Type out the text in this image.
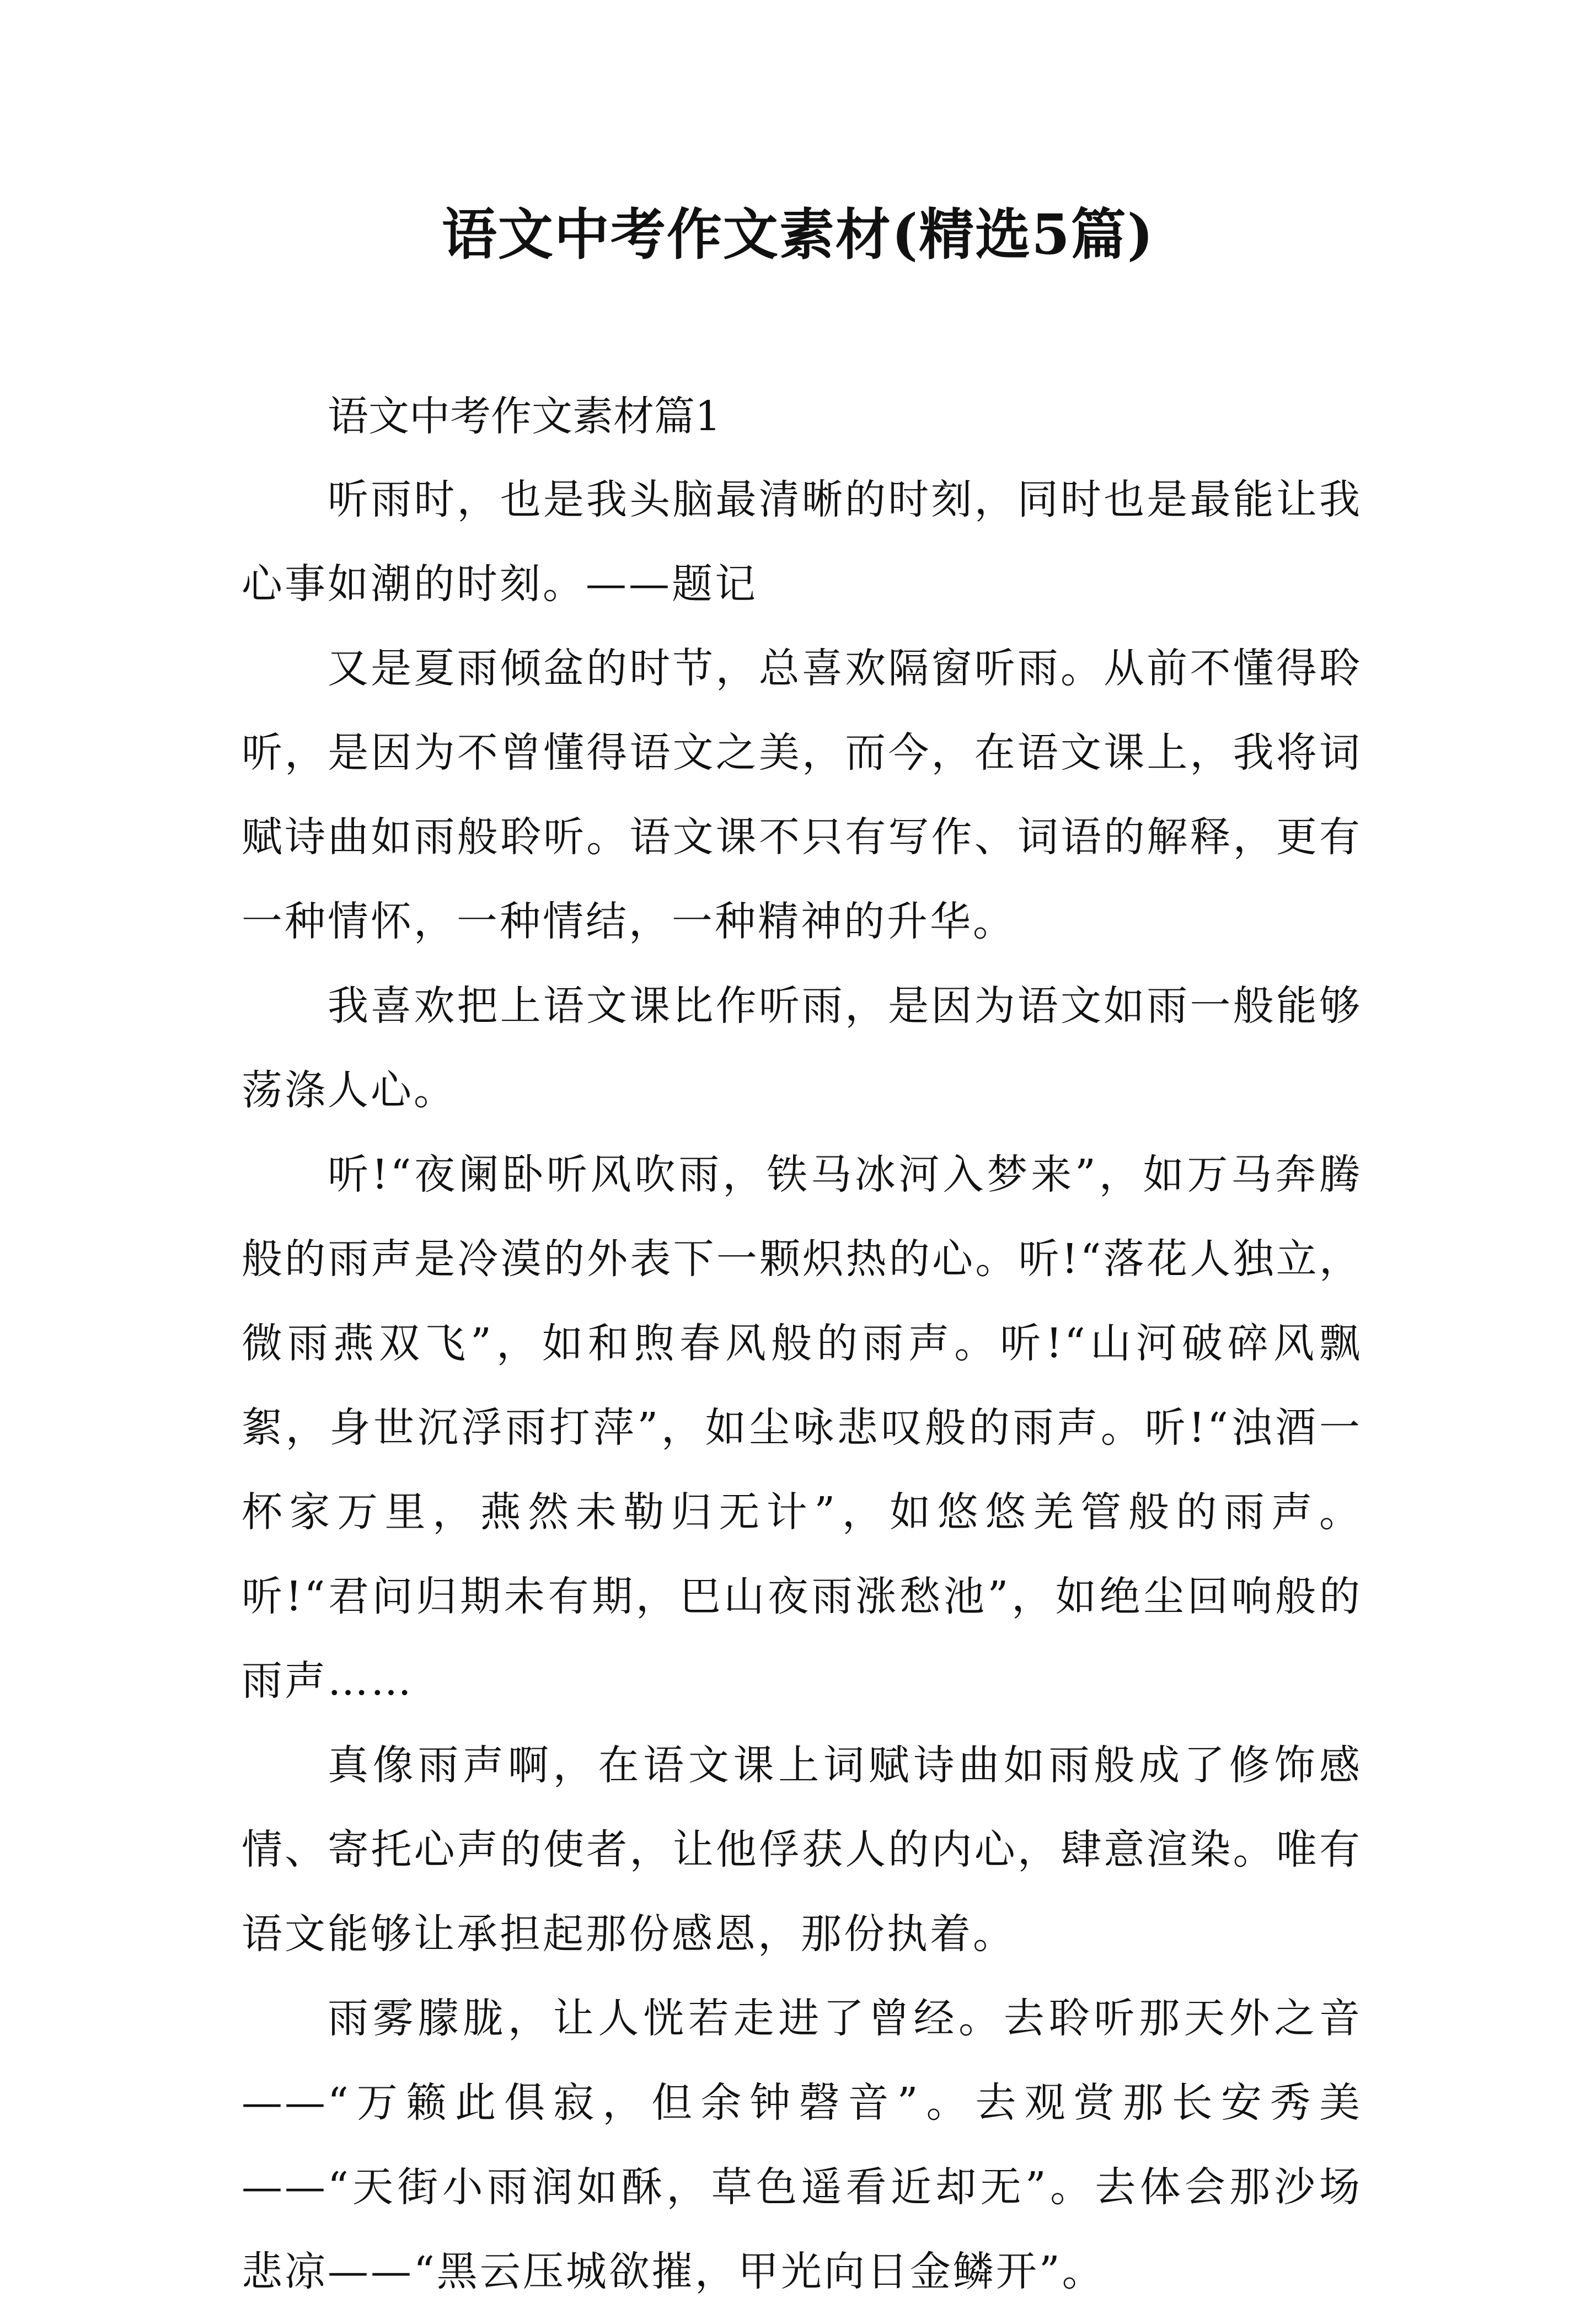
语文中考作文素材(精选5篇)
语文中考作文素材篇1

听雨时，也是我头脑最清晰的时刻，同时也是最能让我心事如潮的时刻。——题记

又是夏雨倾盆的时节，总喜欢隔窗听雨。从前不懂得聆听，是因为不曾懂得语文之美，而今，在语文课上，我将词赋诗曲如雨般聆听。语文课不只有写作、词语的解释，更有一种情怀，一种情结，一种精神的升华。

我喜欢把上语文课比作听雨，是因为语文如雨一般能够荡涤人心。

听!“夜阑卧听风吹雨，铁马冰河入梦来”，如万马奔腾般的雨声是冷漠的外表下一颗炽热的心。听!“落花人独立，微雨燕双飞”，如和煦春风般的雨声。听!“山河破碎风飘絮，身世沉浮雨打萍”，如尘咏悲叹般的雨声。听!“浊酒一杯家万里，燕然未勒归无计”，如悠悠羌管般的雨声。听!“君问归期未有期，巴山夜雨涨愁池”，如绝尘回响般的雨声……

真像雨声啊，在语文课上词赋诗曲如雨般成了修饰感情、寄托心声的使者，让他俘获人的内心，肆意渲染。唯有语文能够让承担起那份感恩，那份执着。

雨雾朦胧，让人恍若走进了曾经。去聆听那天外之音——“万籁此俱寂，但余钟磬音”。去观赏那长安秀美——“天街小雨润如酥，草色遥看近却无”。去体会那沙场悲凉——“黑云压城欲摧，甲光向日金鳞开”。
